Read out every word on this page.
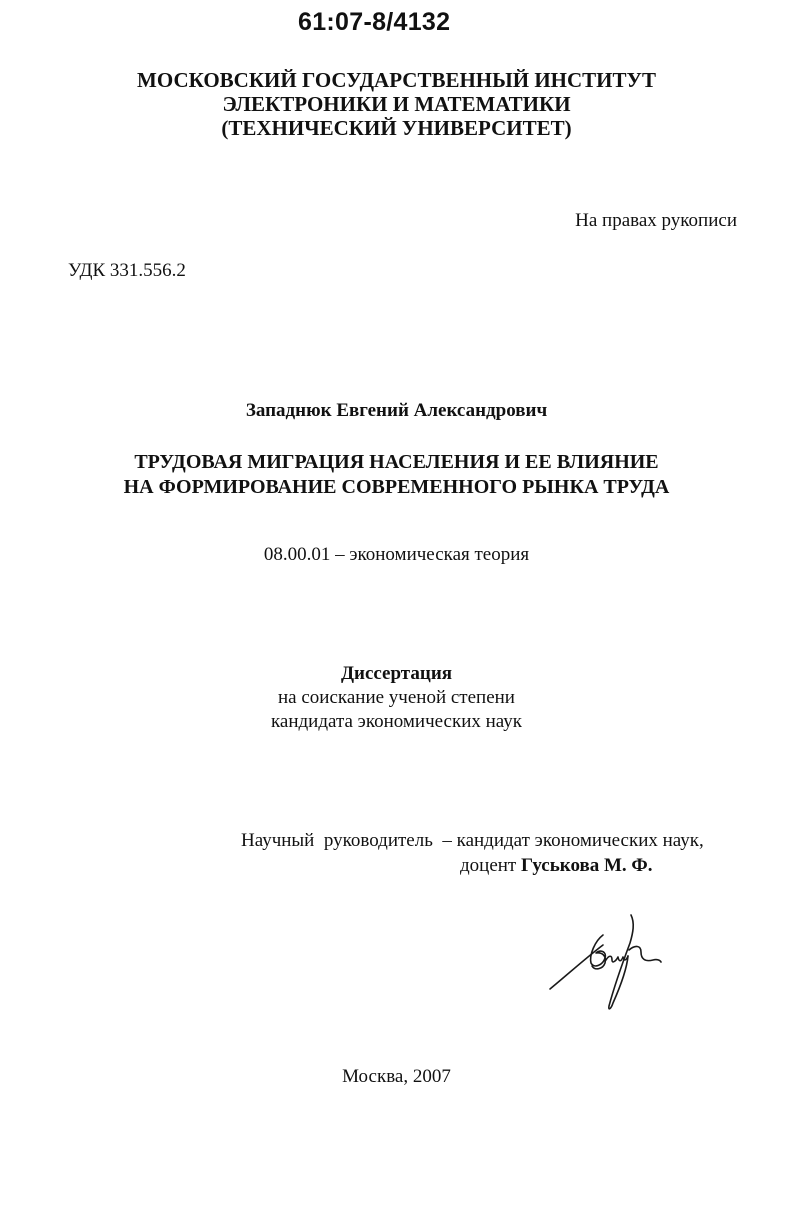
61:07-8/4132
МОСКОВСКИЙ ГОСУДАРСТВЕННЫЙ ИНСТИТУТ
ЭЛЕКТРОНИКИ И МАТЕМАТИКИ
(ТЕХНИЧЕСКИЙ УНИВЕРСИТЕТ)
На правах рукописи
УДК 331.556.2
Западнюк Евгений Александрович
ТРУДОВАЯ МИГРАЦИЯ НАСЕЛЕНИЯ И ЕЕ ВЛИЯНИЕ
НА ФОРМИРОВАНИЕ СОВРЕМЕННОГО РЫНКА ТРУДА
08.00.01 – экономическая теория
Диссертация
на соискание ученой степени
кандидата экономических наук
Научный  руководитель  – кандидат экономических наук,
доцент Гуськова М. Ф.
Москва, 2007
